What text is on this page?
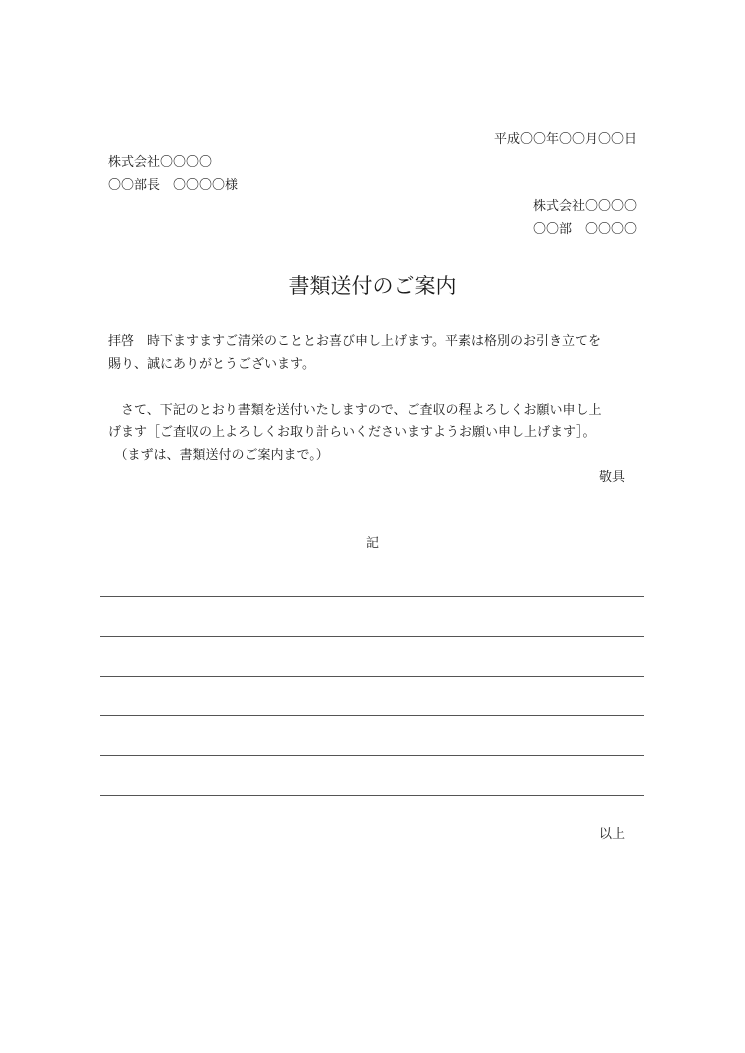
平成〇〇年〇〇月〇〇日
株式会社〇〇〇〇
〇〇部長　〇〇〇〇様
株式会社〇〇〇〇
〇〇部　〇〇〇〇
書類送付のご案内
拝啓　時下ますますご清栄のこととお喜び申し上げます。平素は格別のお引き立てを
賜り、誠にありがとうございます。
　さて、下記のとおり書類を送付いたしますので、ご査収の程よろしくお願い申し上
げます［ご査収の上よろしくお取り計らいくださいますようお願い申し上げます］。
　（まずは、書類送付のご案内まで。）
敬具
記
以上
